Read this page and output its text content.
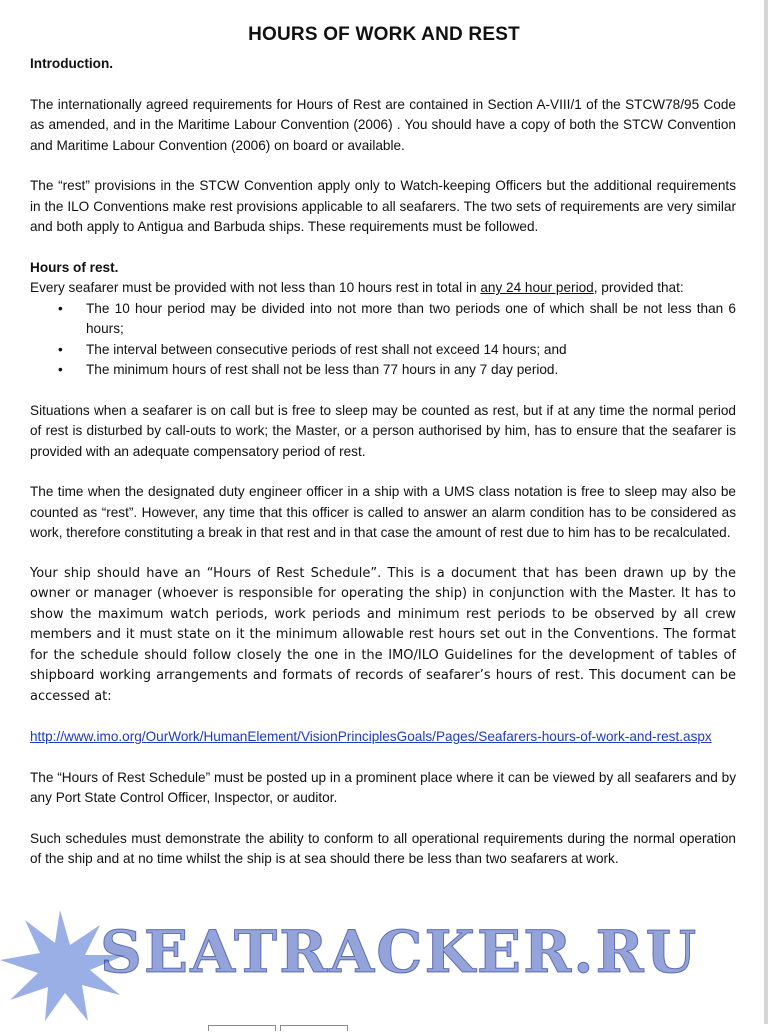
HOURS OF WORK AND REST

Introduction.

The internationally agreed requirements for Hours of Rest are contained in Section A-VIII/1 of the STCW78/95 Code as amended, and in the Maritime Labour Convention (2006) . You should have a copy of both the STCW Convention and Maritime Labour Convention (2006) on board or available.

The “rest” provisions in the STCW Convention apply only to Watch-keeping Officers but the additional requirements in the ILO Conventions make rest provisions applicable to all seafarers. The two sets of requirements are very similar and both apply to Antigua and Barbuda ships. These requirements must be followed.

Hours of rest.

Every seafarer must be provided with not less than 10 hours rest in total in any 24 hour period, provided that:

• The 10 hour period may be divided into not more than two periods one of which shall be not less than 6 hours;
• The interval between consecutive periods of rest shall not exceed 14 hours; and
• The minimum hours of rest shall not be less than 77 hours in any 7 day period.

Situations when a seafarer is on call but is free to sleep may be counted as rest, but if at any time the normal period of rest is disturbed by call-outs to work; the Master, or a person authorised by him, has to ensure that the seafarer is provided with an adequate compensatory period of rest.

The time when the designated duty engineer officer in a ship with a UMS class notation is free to sleep may also be counted as “rest”. However, any time that this officer is called to answer an alarm condition has to be considered as work, therefore constituting a break in that rest and in that case the amount of rest due to him has to be recalculated.

Your ship should have an “Hours of Rest Schedule”. This is a document that has been drawn up by the owner or manager (whoever is responsible for operating the ship) in conjunction with the Master. It has to show the maximum watch periods, work periods and minimum rest periods to be observed by all crew members and it must state on it the minimum allowable rest hours set out in the Conventions. The format for the schedule should follow closely the one in the IMO/ILO Guidelines for the development of tables of shipboard working arrangements and formats of records of seafarer’s hours of rest. This document can be accessed at:

http://www.imo.org/OurWork/HumanElement/VisionPrinciplesGoals/Pages/Seafarers-hours-of-work-and-rest.aspx

The “Hours of Rest Schedule” must be posted up in a prominent place where it can be viewed by all seafarers and by any Port State Control Officer, Inspector, or auditor.

Such schedules must demonstrate the ability to conform to all operational requirements during the normal operation of the ship and at no time whilst the ship is at sea should there be less than two seafarers at work.

SEATRACKER.RU
